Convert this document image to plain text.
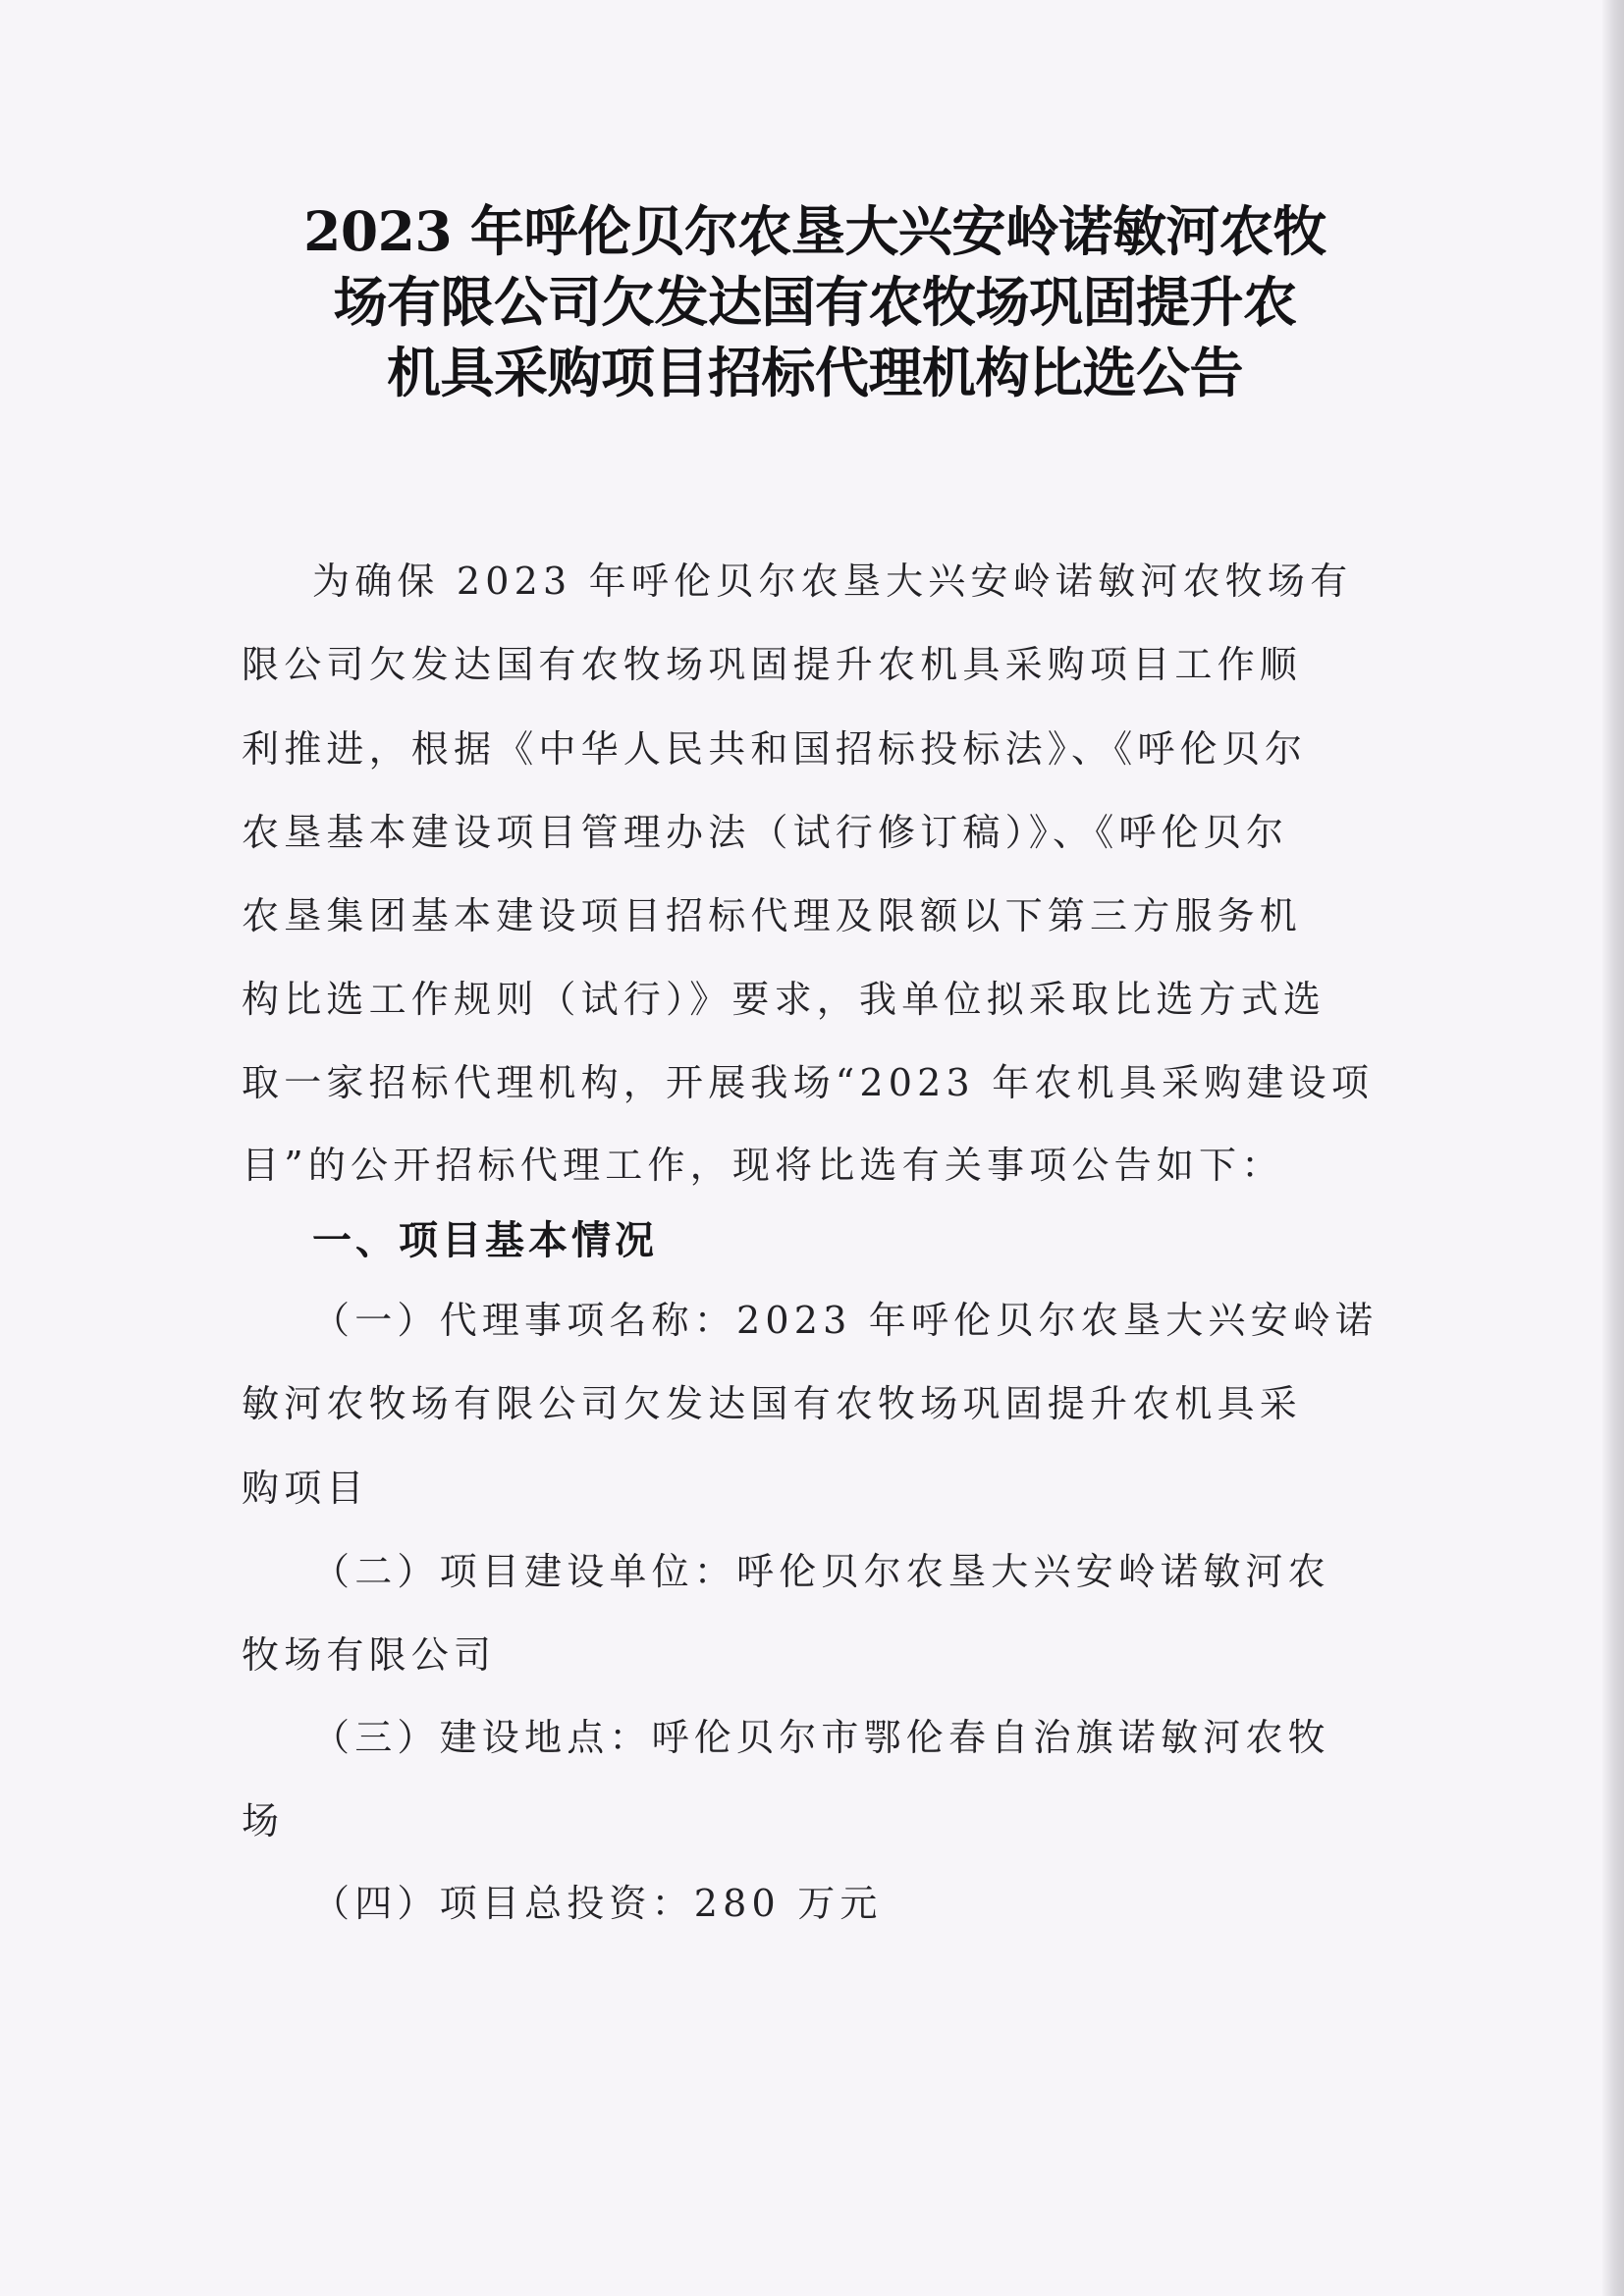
2023 年呼伦贝尔农垦大兴安岭诺敏河农牧
场有限公司欠发达国有农牧场巩固提升农
机具采购项目招标代理机构比选公告
为确保 2023 年呼伦贝尔农垦大兴安岭诺敏河农牧场有
限公司欠发达国有农牧场巩固提升农机具采购项目工作顺
利推进，根据《中华人民共和国招标投标法》、《呼伦贝尔
农垦基本建设项目管理办法（试行修订稿）》、《呼伦贝尔
农垦集团基本建设项目招标代理及限额以下第三方服务机
构比选工作规则（试行）》要求，我单位拟采取比选方式选
取一家招标代理机构，开展我场“2023 年农机具采购建设项
目”的公开招标代理工作，现将比选有关事项公告如下：
一、项目基本情况
（一）代理事项名称：2023 年呼伦贝尔农垦大兴安岭诺
敏河农牧场有限公司欠发达国有农牧场巩固提升农机具采
购项目
（二）项目建设单位：呼伦贝尔农垦大兴安岭诺敏河农
牧场有限公司
（三）建设地点：呼伦贝尔市鄂伦春自治旗诺敏河农牧
场
（四）项目总投资：280 万元
